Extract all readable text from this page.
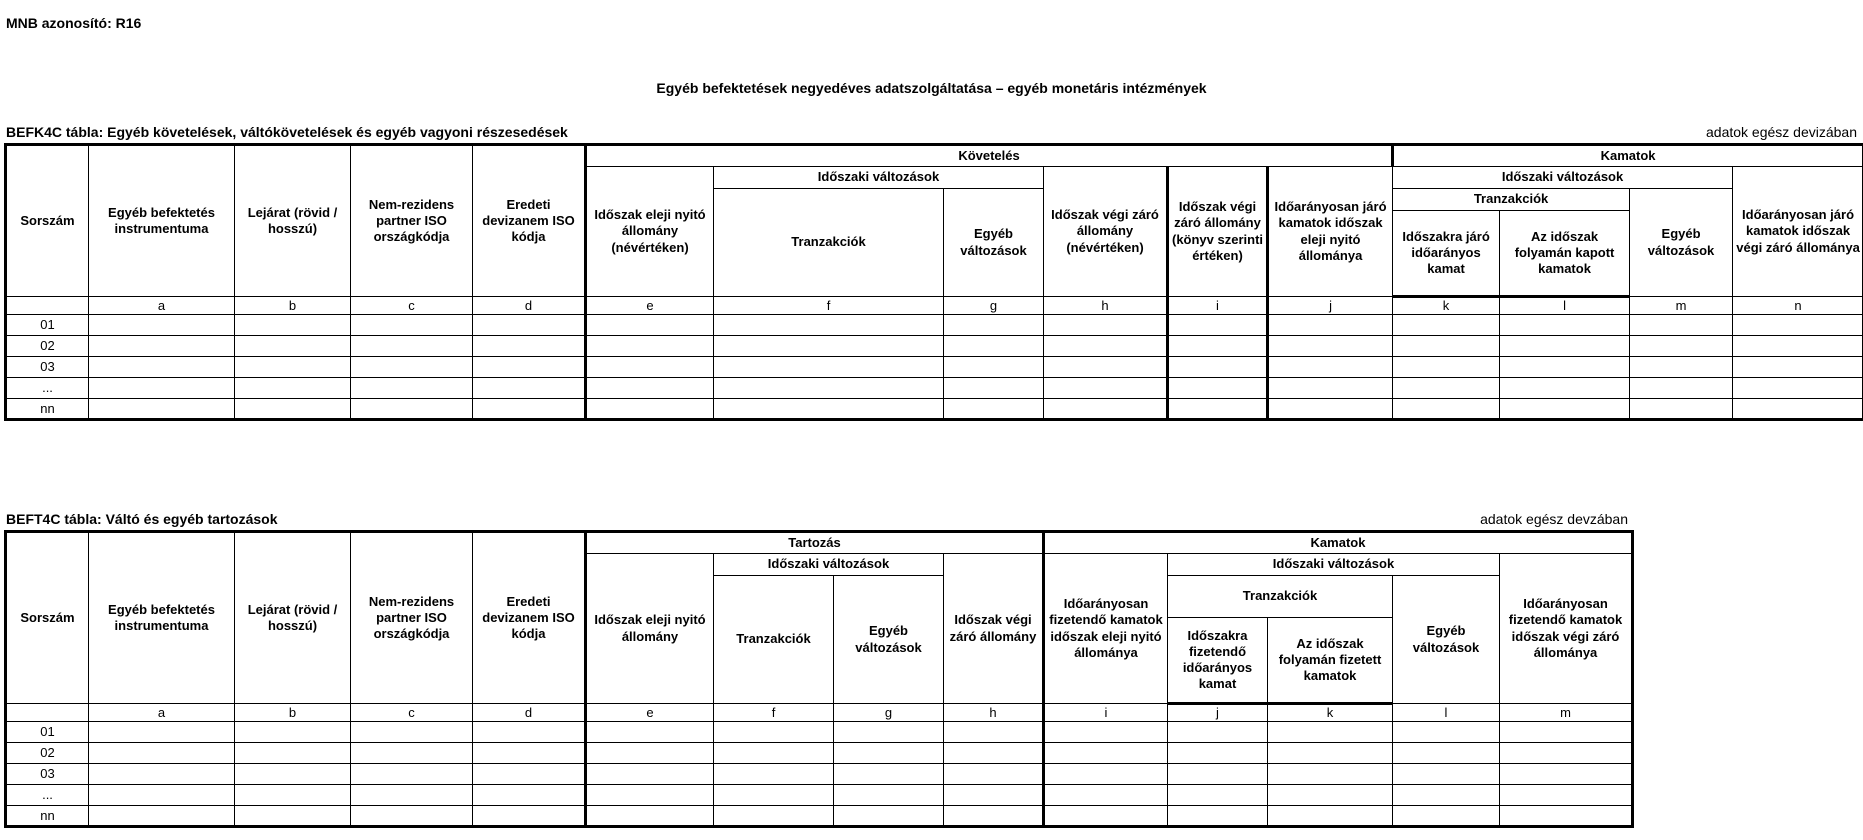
MNB azonosító: R16
Egyéb befektetések negyedéves adatszolgáltatása – egyéb monetáris intézmények
BEFK4C tábla: Egyéb követelések, váltókövetelések és egyéb vagyoni részesedések	adatok egész devizában
Sorszám	Egyéb befektetés instrumentuma	Lejárat (rövid / hosszú)	Nem-rezidens partner ISO országkódja	Eredeti devizanem ISO kódja	Követelés						Kamatok			
					Időszak eleji nyitó állomány (névértéken)	Időszaki változások		Időszak végi záró állomány (névértéken)	Időszak végi záró állomány (könyv szerinti értéken)	Időarányosan járó kamatok időszak eleji nyitó állománya	Időszaki változások			Időarányosan járó kamatok időszak végi záró állománya
						Tranzakciók	Egyéb változások				Tranzakciók		Egyéb változások	
											Időszakra járó időarányos kamat	Az időszak folyamán kapott kamatok		
	a	b	c	d	e	f	g	h	i	j	k	l	m	n
01														
02														
03														
...														
nn														
BEFT4C tábla: Váltó és egyéb tartozások	adatok egész devzában
Sorszám	Egyéb befektetés instrumentuma	Lejárat (rövid / hosszú)	Nem-rezidens partner ISO országkódja	Eredeti devizanem ISO kódja	Tartozás				Kamatok				
					Időszak eleji nyitó állomány	Időszaki változások		Időszak végi záró állomány	Időarányosan fizetendő kamatok időszak eleji nyitó állománya	Időszaki változások			Időarányosan fizetendő kamatok időszak végi záró állománya
						Tranzakciók	Egyéb változások			Tranzakciók		Egyéb változások	
										Időszakra fizetendő időarányos kamat	Az időszak folyamán fizetett kamatok		
	a	b	c	d	e	f	g	h	i	j	k	l	m
01													
02													
03													
...													
nn													
